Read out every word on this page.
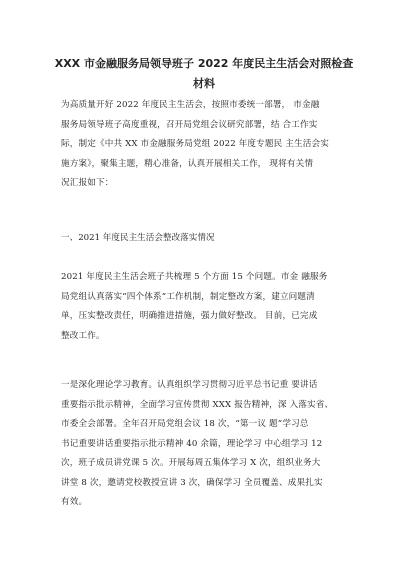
XXX 市金融服务局领导班子 2022 年度民主生活会对照检查
材料
为高质量开好 2022 年度民主生活会，按照市委统一部署， 市金融
服务局领导班子高度重视，召开局党组会议研究部署，结 合工作实
际，制定《中共 XX 市金融服务局党组 2022 年度专题民 主生活会实
施方案》，聚集主题，精心准备，认真开展相关工作， 现将有关情
况汇报如下：
一、2021 年度民主生活会整改落实情况
2021 年度民主生活会班子共梳理 5 个方面 15 个问题。市金 融服务
局党组认真落实“四个体系”工作机制，制定整改方案，建立问题清
单，压实整改责任，明确推进措施，强力做好整改。 目前，已完成
整改工作。
一是深化理论学习教育。认真组织学习贯彻习近平总书记重 要讲话
重要指示批示精神，全面学习宣传贯彻 XXX 报告精神，深 入落实省、
市委全会部署。全年召开局党组会议 18 次，“第一议 题”学习总
书记重要讲话重要指示批示精神 40 余篇，理论学习 中心组学习 12
次，班子成员讲党课 5 次。开展每周五集体学习 X 次，组织业务大
讲堂 8 次，邀请党校教授宣讲 3 次，确保学习 全员覆盖、成果扎实
有效。
